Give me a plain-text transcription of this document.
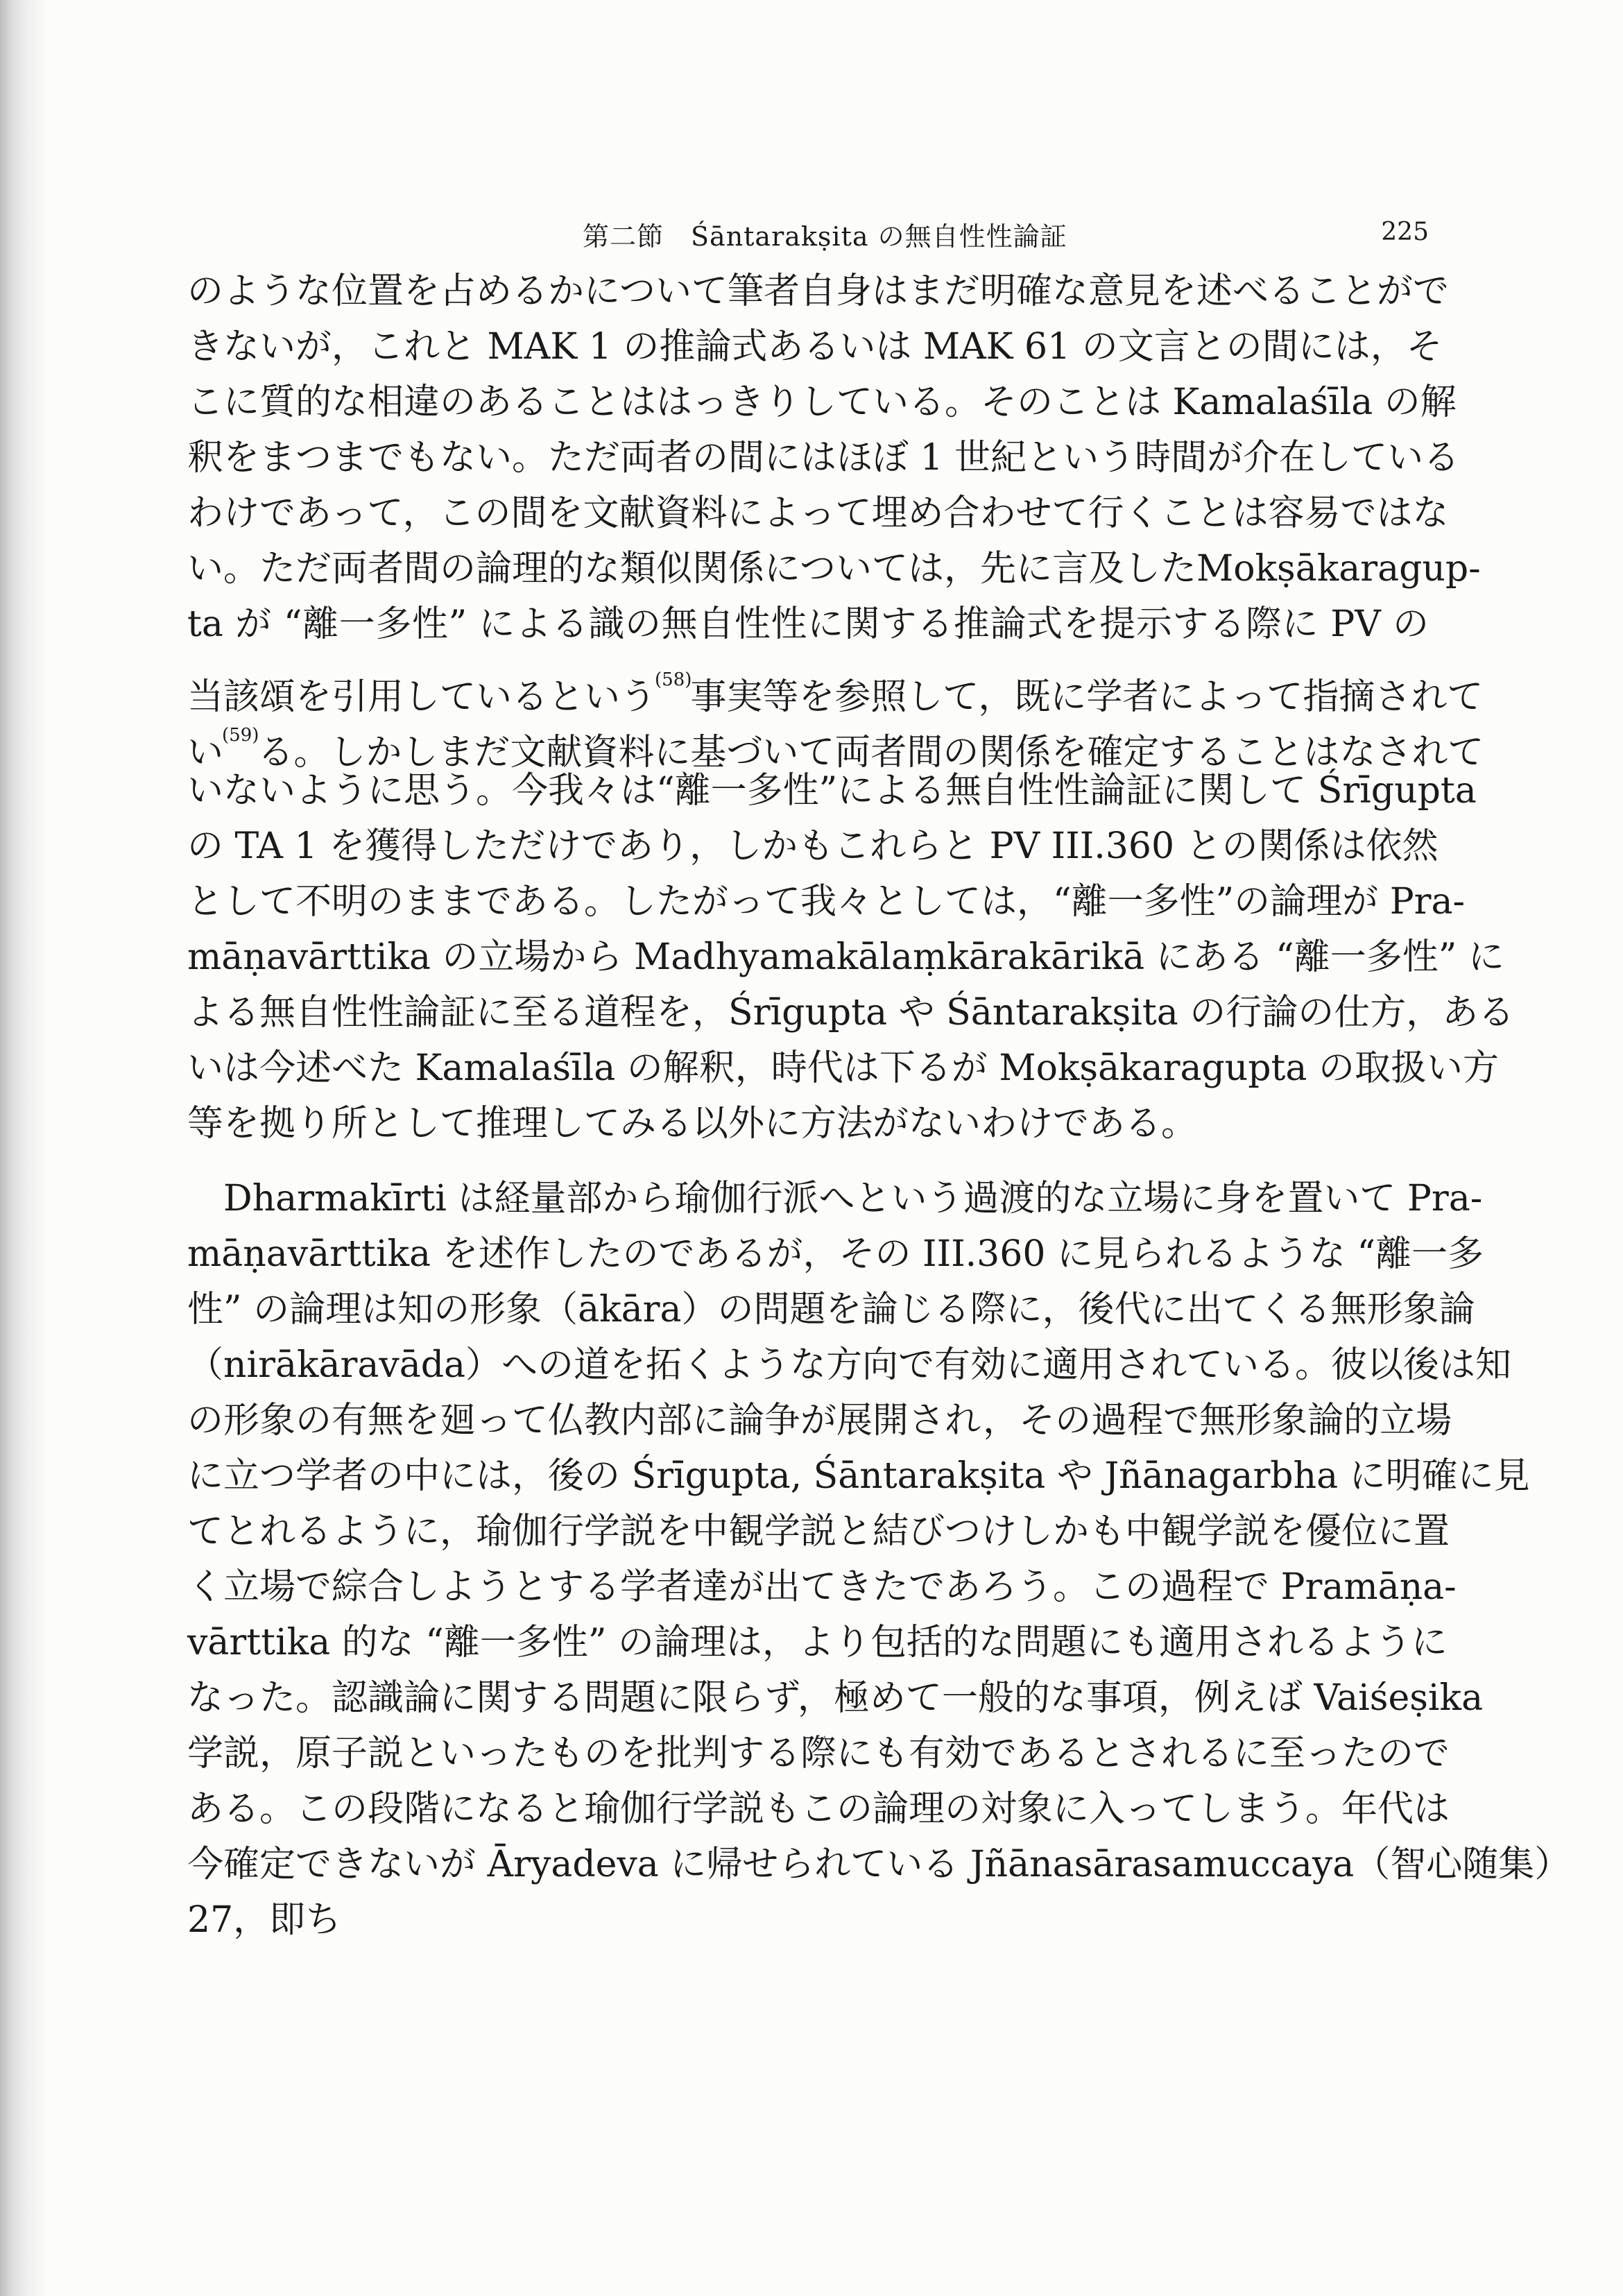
第二節　Śāntarakṣita の無自性性論証	225
のような位置を占めるかについて筆者自身はまだ明確な意見を述べることがで
きないが，これと MAK 1 の推論式あるいは MAK 61 の文言との間には，そ
こに質的な相違のあることははっきりしている。そのことは Kamalaśīla の解
釈をまつまでもない。ただ両者の間にはほぼ 1 世紀という時間が介在している
わけであって，この間を文献資料によって埋め合わせて行くことは容易ではな
い。ただ両者間の論理的な類似関係については，先に言及したMokṣākaragup-
ta が “離一多性” による識の無自性性に関する推論式を提示する際に PV の
当該頌を引用しているという$^{(58)}$事実等を参照して，既に学者によって指摘されて
い$^{(59)}$る。しかしまだ文献資料に基づいて両者間の関係を確定することはなされて
いないように思う。今我々は“離一多性”による無自性性論証に関して Śrīgupta
の TA 1 を獲得しただけであり，しかもこれらと PV III.360 との関係は依然
として不明のままである。したがって我々としては，“離一多性”の論理が Pra-
māṇavārttika の立場から Madhyamakālaṃkārakārikā にある “離一多性” に
よる無自性性論証に至る道程を，Śrīgupta や Śāntarakṣita の行論の仕方，ある
いは今述べた Kamalaśīla の解釈，時代は下るが Mokṣākaragupta の取扱い方
等を拠り所として推理してみる以外に方法がないわけである。
Dharmakīrti は経量部から瑜伽行派へという過渡的な立場に身を置いて Pra-
māṇavārttika を述作したのであるが，その III.360 に見られるような “離一多
性” の論理は知の形象（ākāra）の問題を論じる際に，後代に出てくる無形象論
（nirākāravāda）への道を拓くような方向で有効に適用されている。彼以後は知
の形象の有無を廻って仏教内部に論争が展開され，その過程で無形象論的立場
に立つ学者の中には，後の Śrīgupta, Śāntarakṣita や Jñānagarbha に明確に見
てとれるように，瑜伽行学説を中観学説と結びつけしかも中観学説を優位に置
く立場で綜合しようとする学者達が出てきたであろう。この過程で Pramāṇa-
vārttika 的な “離一多性” の論理は，より包括的な問題にも適用されるように
なった。認識論に関する問題に限らず，極めて一般的な事項，例えば Vaiśeṣika
学説，原子説といったものを批判する際にも有効であるとされるに至ったので
ある。この段階になると瑜伽行学説もこの論理の対象に入ってしまう。年代は
今確定できないが Āryadeva に帰せられている Jñānasārasamuccaya（智心随集）
27，即ち
